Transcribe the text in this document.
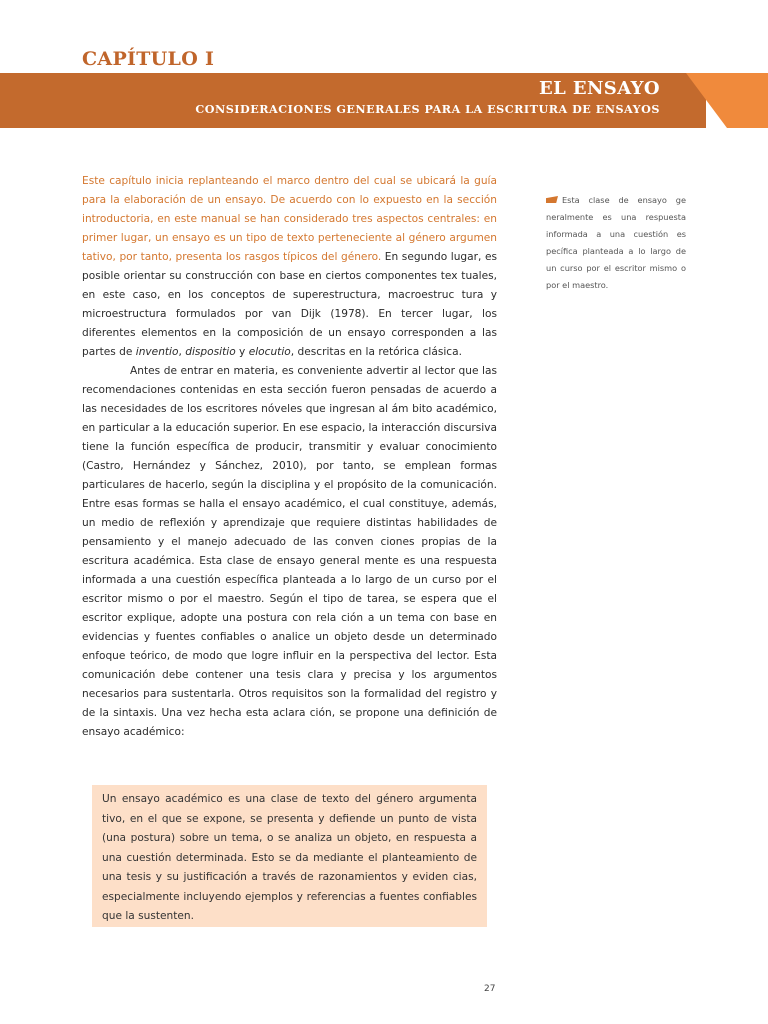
CAPÍTULO I
EL ENSAYO
CONSIDERACIONES GENERALES PARA LA ESCRITURA DE ENSAYOS

Este capítulo inicia replanteando el marco dentro del cual se ubicará la guía para la elaboración de un ensayo. De acuerdo con lo expuesto en la sección introductoria, en este manual se han considerado tres aspectos centrales: en primer lugar, un ensayo es un tipo de texto perteneciente al género argumen tativo, por tanto, presenta los rasgos típicos del género. En segundo lugar, es posible orientar su construcción con base en ciertos componentes tex tuales, en este caso, en los conceptos de superestructura, macroestruc tura y microestructura formulados por van Dijk (1978). En tercer lugar, los diferentes elementos en la composición de un ensayo corresponden a las partes de inventio, dispositio y elocutio, descritas en la retórica clásica.

Antes de entrar en materia, es conveniente advertir al lector que las recomendaciones contenidas en esta sección fueron pensadas de acuerdo a las necesidades de los escritores nóveles que ingresan al ám bito académico, en particular a la educación superior. En ese espacio, la interacción discursiva tiene la función específica de producir, transmitir y evaluar conocimiento (Castro, Hernández y Sánchez, 2010), por tanto, se emplean formas particulares de hacerlo, según la disciplina y el propósito de la comunicación. Entre esas formas se halla el ensayo académico, el cual constituye, además, un medio de reflexión y aprendizaje que requiere distintas habilidades de pensamiento y el manejo adecuado de las conven ciones propias de la escritura académica. Esta clase de ensayo general mente es una respuesta informada a una cuestión específica planteada a lo largo de un curso por el escritor mismo o por el maestro. Según el tipo de tarea, se espera que el escritor explique, adopte una postura con rela ción a un tema con base en evidencias y fuentes confiables o analice un objeto desde un determinado enfoque teórico, de modo que logre influir en la perspectiva del lector. Esta comunicación debe contener una tesis clara y precisa y los argumentos necesarios para sustentarla. Otros requisitos son la formalidad del registro y de la sintaxis. Una vez hecha esta aclara ción, se propone una definición de ensayo académico:

Esta clase de ensayo ge neralmente es una respuesta informada a una cuestión es pecífica planteada a lo largo de un curso por el escritor mismo o por el maestro.
Un ensayo académico es una clase de texto del género argumenta tivo, en el que se expone, se presenta y defiende un punto de vista (una postura) sobre un tema, o se analiza un objeto, en respuesta a una cuestión determinada. Esto se da mediante el planteamiento de una tesis y su justificación a través de razonamientos y eviden cias, especialmente incluyendo ejemplos y referencias a fuentes confiables que la sustenten.
27
